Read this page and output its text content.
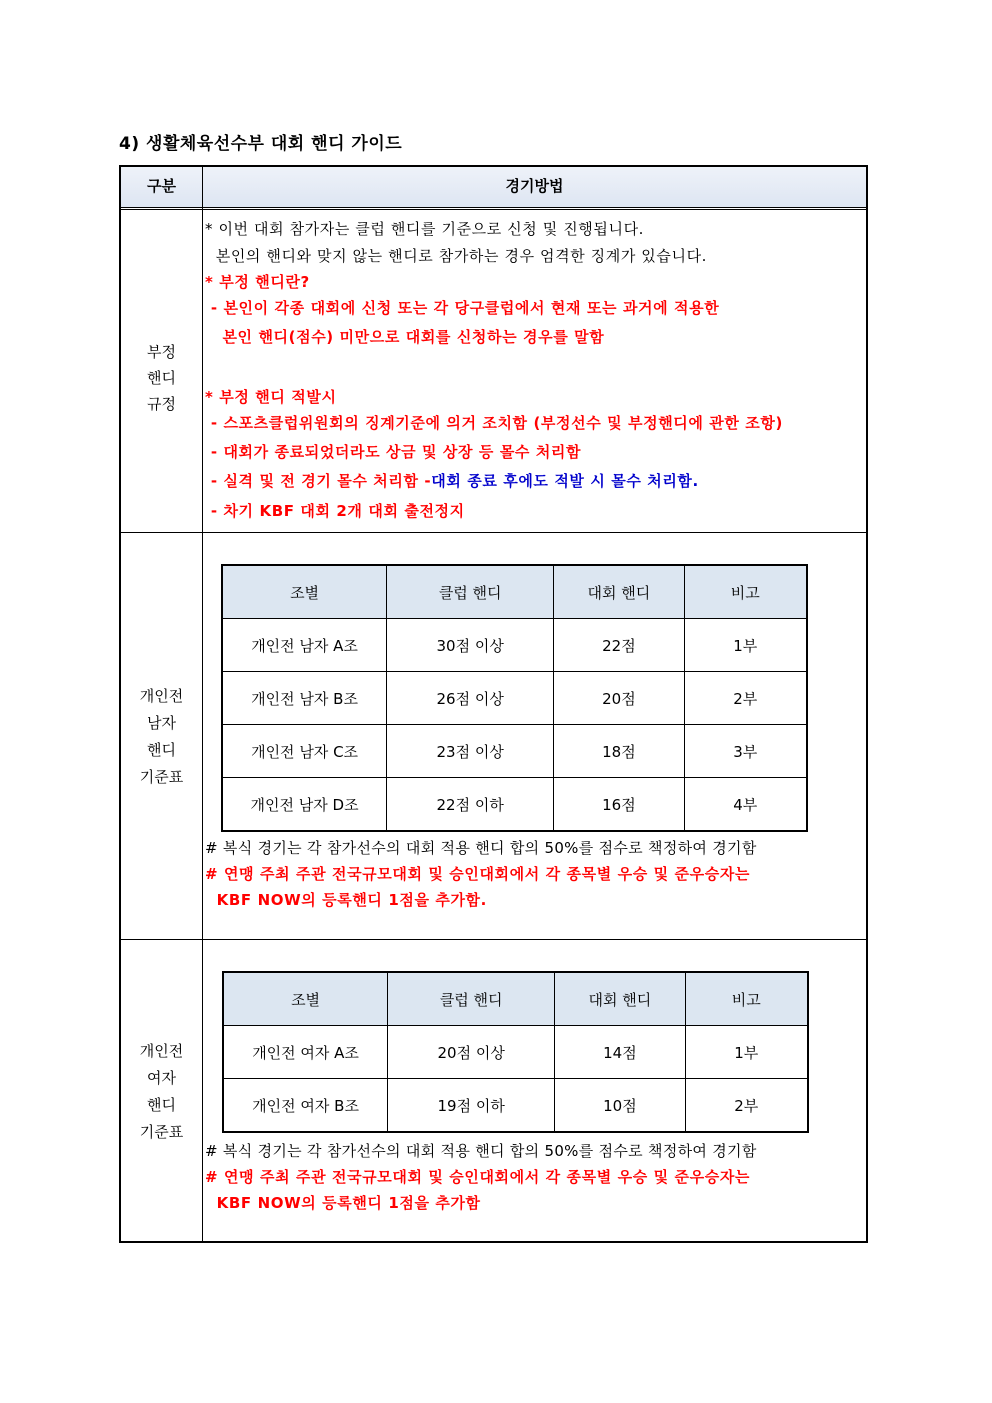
4) 생활체육선수부 대회 핸디 가이드
구분	경기방법
부정
핸디
규정
* 이번 대회 참가자는 클럽 핸디를 기준으로 신청 및 진행됩니다.
본인의 핸디와 맞지 않는 핸디로 참가하는 경우 엄격한 징계가 있습니다.
* 부정 핸디란?
- 본인이 각종 대회에 신청 또는 각 당구클럽에서 현재 또는 과거에 적용한
본인 핸디(점수) 미만으로 대회를 신청하는 경우를 말함
* 부정 핸디 적발시
- 스포츠클럽위원회의 징계기준에 의거 조치함 (부정선수 및 부정핸디에 관한 조항)
- 대회가 종료되었더라도 상금 및 상장 등 몰수 처리함
- 실격 및 전 경기 몰수 처리함 -대회 종료 후에도 적발 시 몰수 처리함.
- 차기 KBF 대회 2개 대회 출전정지
개인전
남자
핸디
기준표
조별	클럽 핸디	대회 핸디	비고
개인전 남자 A조	30점 이상	22점	1부
개인전 남자 B조	26점 이상	20점	2부
개인전 남자 C조	23점 이상	18점	3부
개인전 남자 D조	22점 이하	16점	4부
# 복식 경기는 각 참가선수의 대회 적용 핸디 합의 50%를 점수로 책정하여 경기함
# 연맹 주최 주관 전국규모대회 및 승인대회에서 각 종목별 우승 및 준우승자는
KBF NOW의 등록핸디 1점을 추가함.
개인전
여자
핸디
기준표
조별	클럽 핸디	대회 핸디	비고
개인전 여자 A조	20점 이상	14점	1부
개인전 여자 B조	19점 이하	10점	2부
# 복식 경기는 각 참가선수의 대회 적용 핸디 합의 50%를 점수로 책정하여 경기함
# 연맹 주최 주관 전국규모대회 및 승인대회에서 각 종목별 우승 및 준우승자는
KBF NOW의 등록핸디 1점을 추가함
